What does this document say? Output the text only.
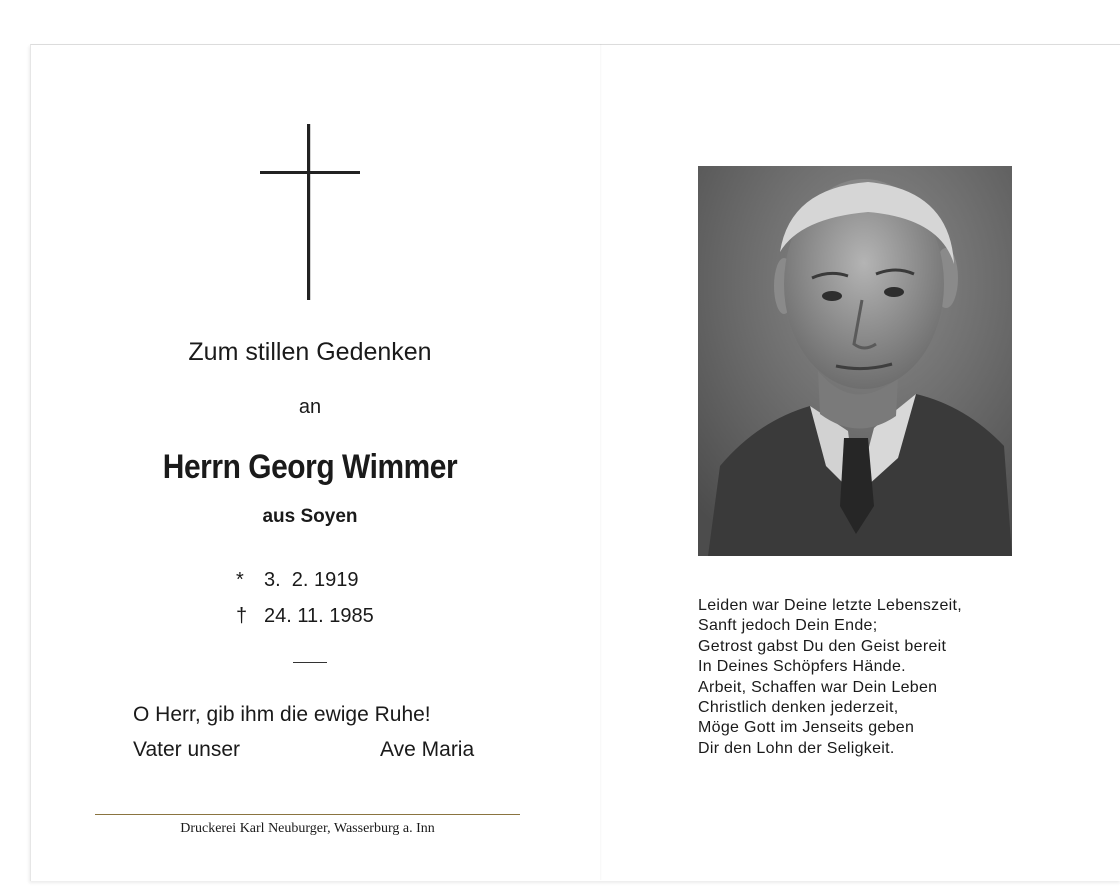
Zum stillen Gedenken
an
Herrn Georg Wimmer
aus Soyen
* 3.  2. 1919
† 24. 11. 1985
O Herr, gib ihm die ewige Ruhe!
Vater unser	Ave Maria
Druckerei Karl Neuburger, Wasserburg a. Inn
Leiden war Deine letzte Lebenszeit,
Sanft jedoch Dein Ende;
Getrost gabst Du den Geist bereit
In Deines Schöpfers Hände.
Arbeit, Schaffen war Dein Leben
Christlich denken jederzeit,
Möge Gott im Jenseits geben
Dir den Lohn der Seligkeit.
